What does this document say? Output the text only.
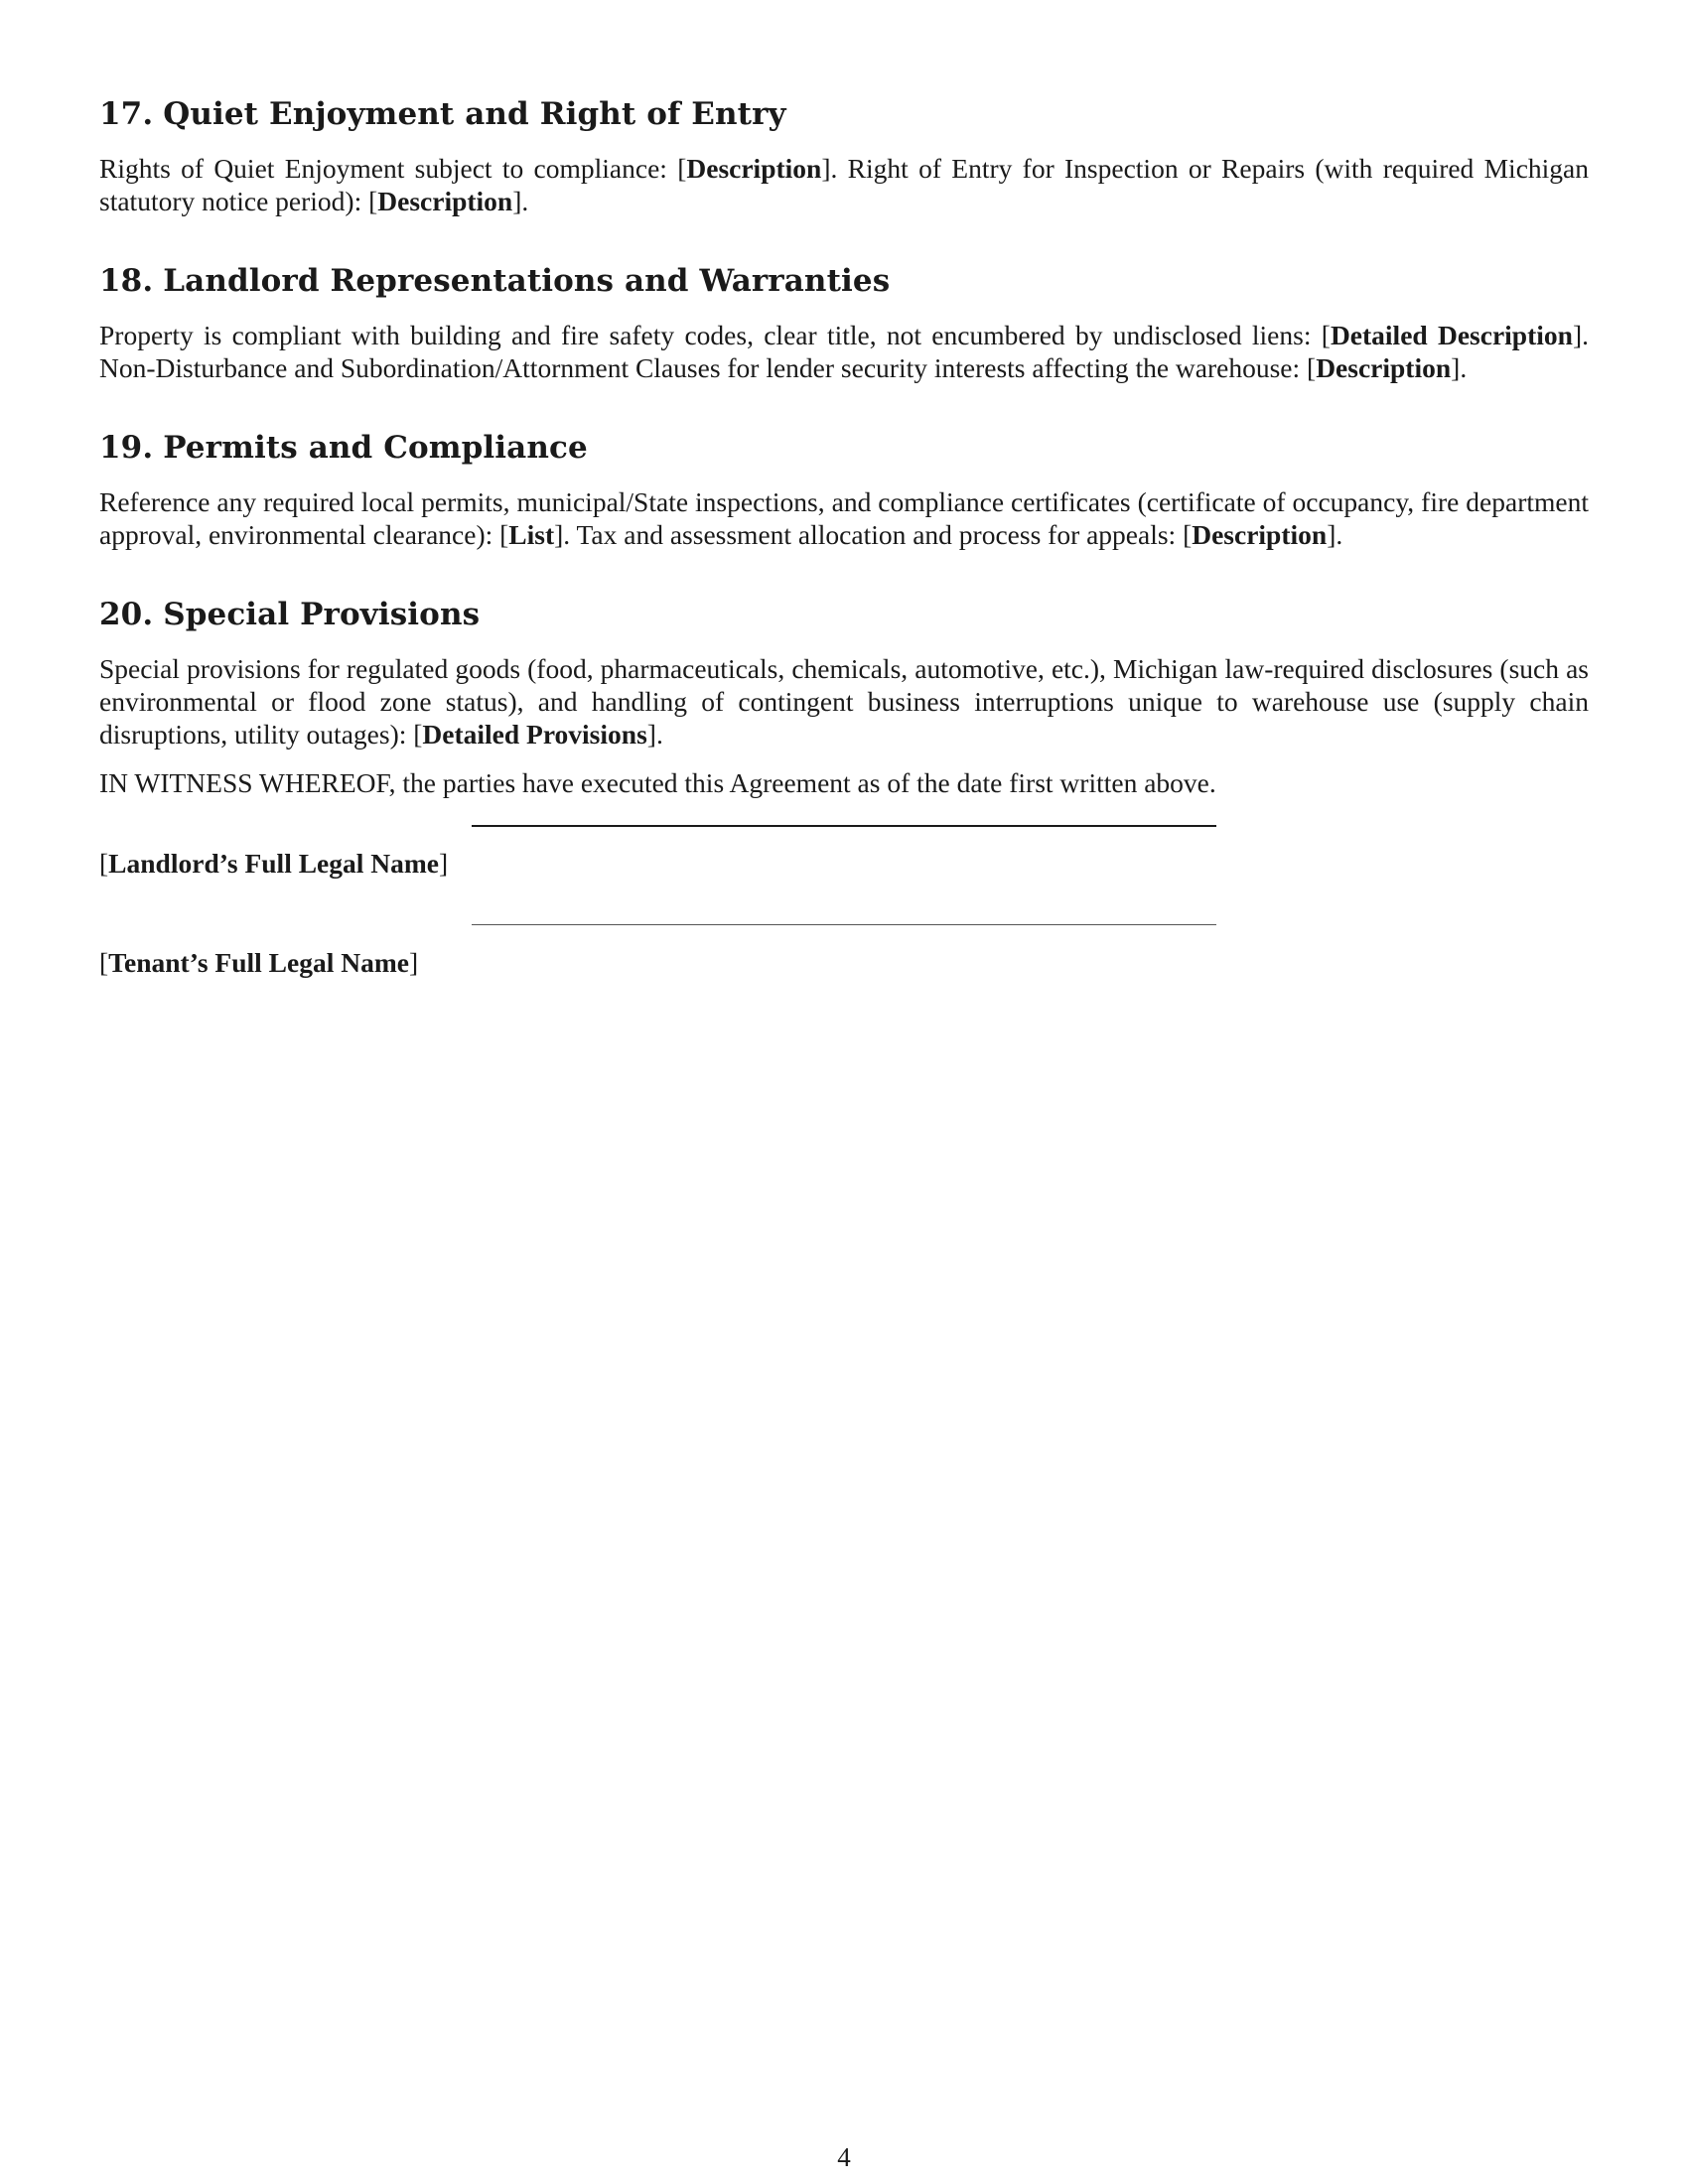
17. Quiet Enjoyment and Right of Entry

Rights of Quiet Enjoyment subject to compliance: [Description]. Right of Entry for Inspection or Repairs (with required Michigan statutory notice period): [Description].

18. Landlord Representations and Warranties

Property is compliant with building and fire safety codes, clear title, not encumbered by undisclosed liens: [Detailed Description]. Non-Disturbance and Subordination/Attornment Clauses for lender security interests affecting the warehouse: [Description].

19. Permits and Compliance

Reference any required local permits, municipal/State inspections, and compliance certificates (certificate of occupancy, fire department approval, environmental clearance): [List]. Tax and assessment allocation and process for appeals: [Description].

20. Special Provisions

Special provisions for regulated goods (food, pharmaceuticals, chemicals, automotive, etc.), Michigan law-required disclosures (such as environmental or flood zone status), and handling of contingent business interruptions unique to warehouse use (supply chain disruptions, utility outages): [Detailed Provisions].

IN WITNESS WHEREOF, the parties have executed this Agreement as of the date first written above.

[Landlord’s Full Legal Name]
[Tenant’s Full Legal Name]
4
